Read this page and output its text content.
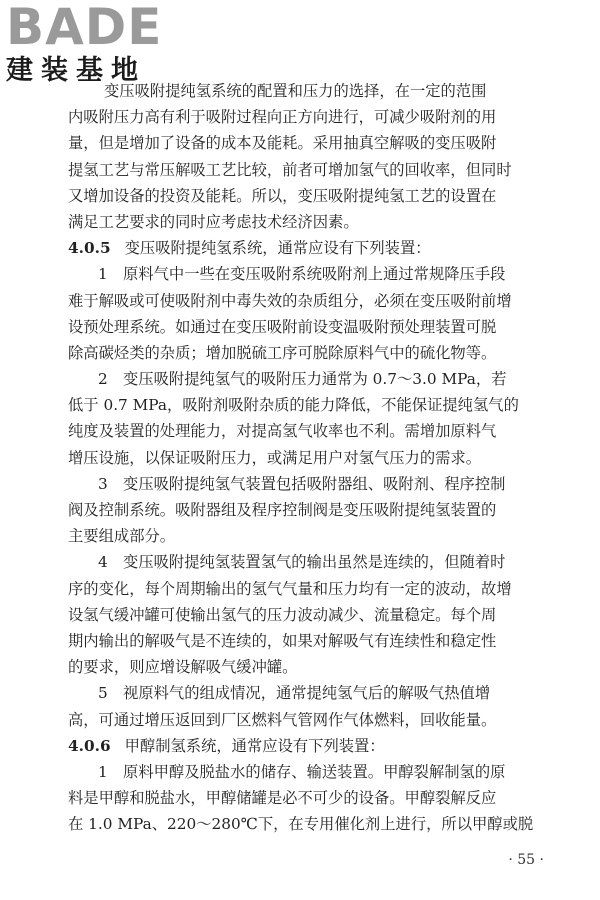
BADE
建装基地
变压吸附提纯氢系统的配置和压力的选择，在一定的范围
内吸附压力高有利于吸附过程向正方向进行，可减少吸附剂的用
量，但是增加了设备的成本及能耗。采用抽真空解吸的变压吸附
提氢工艺与常压解吸工艺比较，前者可增加氢气的回收率，但同时
又增加设备的投资及能耗。所以，变压吸附提纯氢工艺的设置在
满足工艺要求的同时应考虑技术经济因素。
4.0.5 变压吸附提纯氢系统，通常应设有下列装置：
1　原料气中一些在变压吸附系统吸附剂上通过常规降压手段
难于解吸或可使吸附剂中毒失效的杂质组分，必须在变压吸附前增
设预处理系统。如通过在变压吸附前设变温吸附预处理装置可脱
除高碳烃类的杂质；增加脱硫工序可脱除原料气中的硫化物等。
2　变压吸附提纯氢气的吸附压力通常为 0.7～3.0 MPa，若
低于 0.7 MPa，吸附剂吸附杂质的能力降低，不能保证提纯氢气的
纯度及装置的处理能力，对提高氢气收率也不利。需增加原料气
增压设施，以保证吸附压力，或满足用户对氢气压力的需求。
3　变压吸附提纯氢气装置包括吸附器组、吸附剂、程序控制
阀及控制系统。吸附器组及程序控制阀是变压吸附提纯氢装置的
主要组成部分。
4　变压吸附提纯氢装置氢气的输出虽然是连续的，但随着时
序的变化，每个周期输出的氢气气量和压力均有一定的波动，故增
设氢气缓冲罐可使输出氢气的压力波动减少、流量稳定。每个周
期内输出的解吸气是不连续的，如果对解吸气有连续性和稳定性
的要求，则应增设解吸气缓冲罐。
5　视原料气的组成情况，通常提纯氢气后的解吸气热值增
高，可通过增压返回到厂区燃料气管网作气体燃料，回收能量。
4.0.6 甲醇制氢系统，通常应设有下列装置：
1　原料甲醇及脱盐水的储存、输送装置。甲醇裂解制氢的原
料是甲醇和脱盐水，甲醇储罐是必不可少的设备。甲醇裂解反应
在 1.0 MPa、220～280℃下，在专用催化剂上进行，所以甲醇或脱
· 55 ·
